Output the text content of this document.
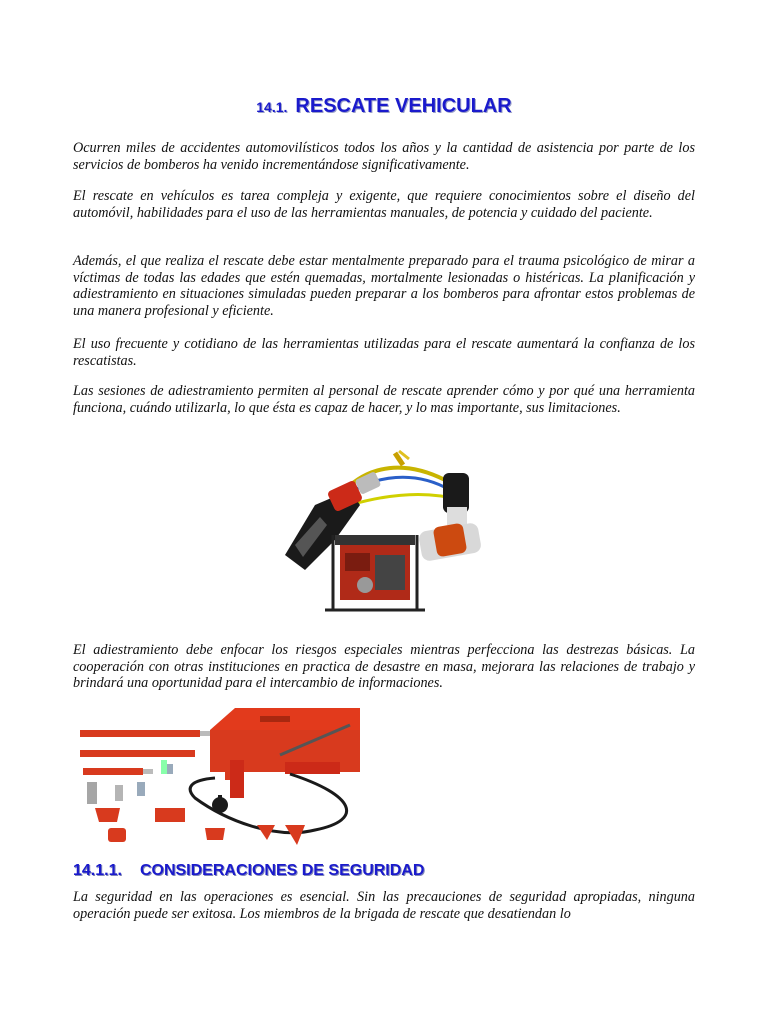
14.1. RESCATE VEHICULAR

Ocurren miles de accidentes automovilísticos todos los años y la cantidad de asistencia por parte de los servicios de bomberos ha venido incrementándose significativamente.

El rescate en vehículos es tarea compleja y exigente, que requiere conocimientos sobre el diseño del automóvil, habilidades para el uso de las herramientas manuales, de potencia y cuidado del paciente.

Además, el que realiza el rescate debe estar mentalmente preparado para el trauma psicológico de mirar a víctimas de todas las edades que estén quemadas, mortalmente lesionadas o histéricas. La planificación y adiestramiento en situaciones simuladas pueden preparar a los bomberos para afrontar estos problemas de una manera profesional y eficiente.

El uso frecuente y cotidiano de las herramientas utilizadas para el rescate aumentará la confianza de los rescatistas.

Las sesiones de adiestramiento permiten al personal de rescate aprender cómo y por qué una herramienta funciona, cuándo utilizarla, lo que ésta es capaz de hacer, y lo mas importante, sus limitaciones.

El adiestramiento debe enfocar los riesgos especiales mientras perfecciona las destrezas básicas. La cooperación con otras instituciones en practica de desastre en masa, mejorara las relaciones de trabajo y brindará una oportunidad para el intercambio de informaciones.

14.1.1. CONSIDERACIONES DE SEGURIDAD

La seguridad en las operaciones es esencial. Sin las precauciones de seguridad apropiadas, ninguna operación puede ser exitosa. Los miembros de la brigada de rescate que desatiendan lo
